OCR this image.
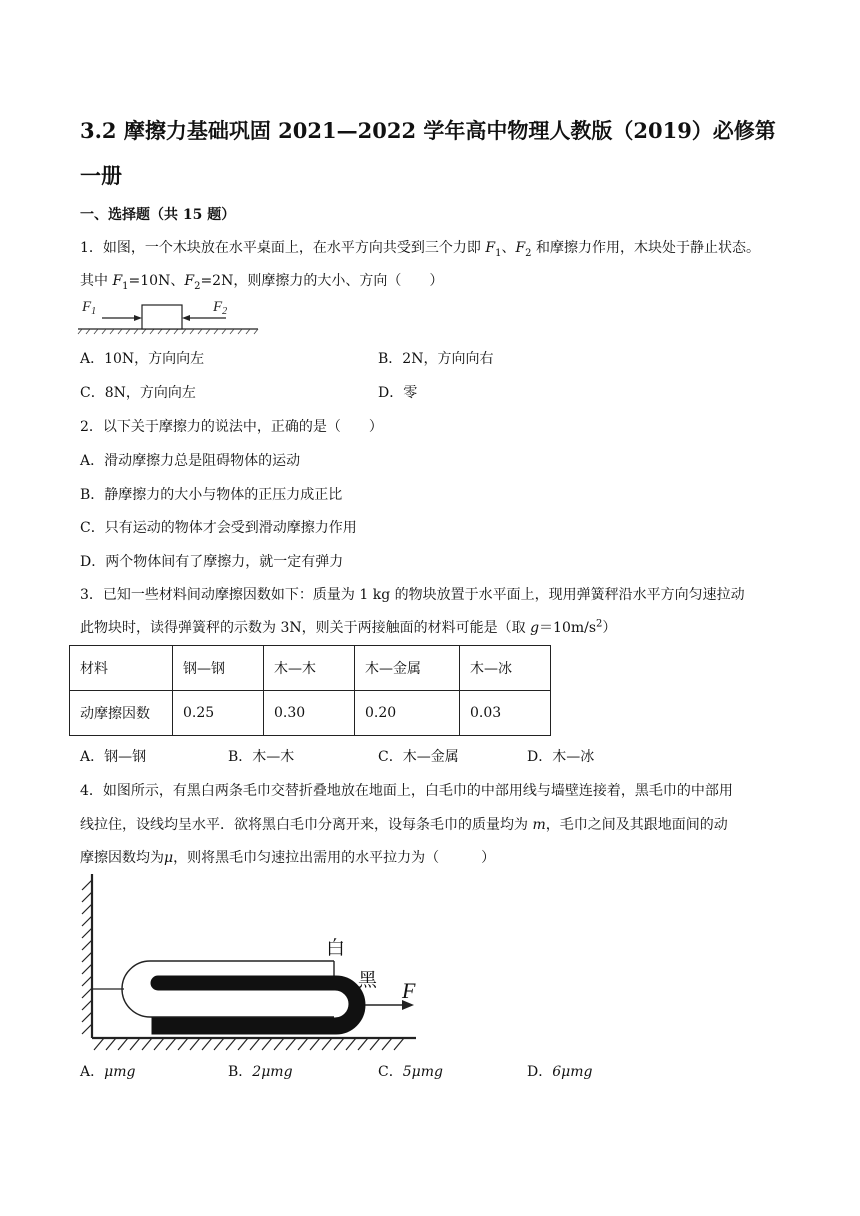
3.2 摩擦力基础巩固 2021—2022 学年高中物理人教版（2019）必修第
一册
一、选择题（共 15 题）
1．如图，一个木块放在水平桌面上，在水平方向共受到三个力即 $F_1$、$F_2$ 和摩擦力作用，木块处于静止状态。
其中 $F_1=10N$、$F_2=2N$，则摩擦力的大小、方向（　　）
$F_1$	$F_2$
A．10N，方向向左	B．2N，方向向右
C．8N，方向向左	D．零
2．以下关于摩擦力的说法中，正确的是（　　）
A．滑动摩擦力总是阻碍物体的运动
B．静摩擦力的大小与物体的正压力成正比
C．只有运动的物体才会受到滑动摩擦力作用
D．两个物体间有了摩擦力，就一定有弹力
3．已知一些材料间动摩擦因数如下：质量为 1 kg 的物块放置于水平面上，现用弹簧秤沿水平方向匀速拉动
此物块时，读得弹簧秤的示数为 3N，则关于两接触面的材料可能是（取 $g=10m/s^2$）
材料	钢—钢	木—木	木—金属	木—冰
动摩擦因数	0.25	0.30	0.20	0.03
A．钢—钢	B．木—木	C．木—金属	D．木—冰
4．如图所示，有黑白两条毛巾交替折叠地放在地面上，白毛巾的中部用线与墙壁连接着，黑毛巾的中部用
线拉住，设线均呈水平．欲将黑白毛巾分离开来，设每条毛巾的质量均为 m，毛巾之间及其跟地面间的动
摩擦因数均为μ，则将黑毛巾匀速拉出需用的水平拉力为（　　　）
白
黑 F
A．μmg	B．2μmg	C．5μmg	D．6μmg
